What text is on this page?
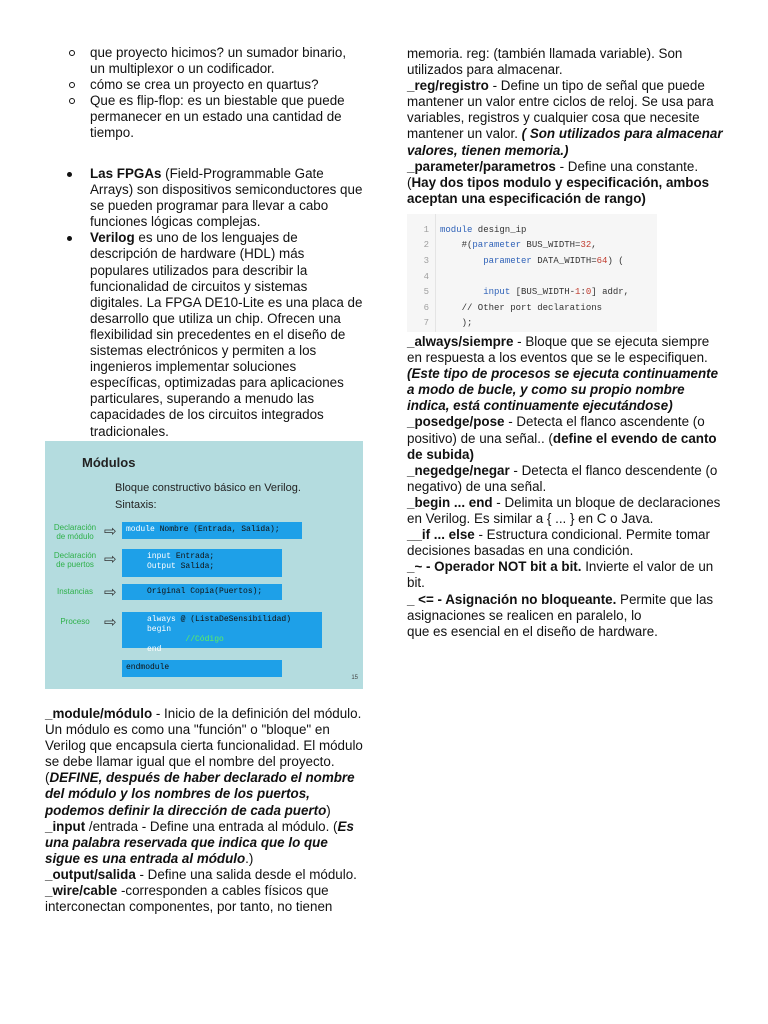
que proyecto hicimos? un sumador binario, un multiplexor o un codificador.
cómo se crea un proyecto en quartus?
Que es flip-flop: es un biestable que puede permanecer en un estado una cantidad de tiempo.
Las FPGAs (Field-Programmable Gate Arrays) son dispositivos semiconductores que se pueden programar para llevar a cabo funciones lógicas complejas.
Verilog es uno de los lenguajes de descripción de hardware (HDL) más populares utilizados para describir la funcionalidad de circuitos y sistemas digitales. La FPGA DE10-Lite es una placa de desarrollo que utiliza un chip. Ofrecen una flexibilidad sin precedentes en el diseño de sistemas electrónicos y permiten a los ingenieros implementar soluciones específicas, optimizadas para aplicaciones particulares, superando a menudo las capacidades de los circuitos integrados tradicionales.
Módulos
Bloque constructivo básico en Verilog.
Sintaxis:
Declaración de módulo ⇨	module Nombre (Entrada, Salida);
Declaración de puertos ⇨	input Entrada;
Output Salida;
Instancias ⇨	Original Copia(Puertos);
Proceso ⇨	always @ (ListaDeSensibilidad) begin
//Código
end
endmodule
15

_module/módulo - Inicio de la definición del módulo. Un módulo es como una "función" o "bloque" en Verilog que encapsula cierta funcionalidad. El módulo se debe llamar igual que el nombre del proyecto. (DEFINE, después de haber declarado el nombre del módulo y los nombres de los puertos, podemos definir la dirección de cada puerto)

_input /entrada - Define una entrada al módulo. (Es una palabra reservada que indica que lo que sigue es una entrada al módulo.)

_output/salida - Define una salida desde el módulo.

_wire/cable -corresponden a cables físicos que interconectan componentes, por tanto, no tienen

memoria. reg: (también llamada variable). Son utilizados para almacenar.

_reg/registro - Define un tipo de señal que puede mantener un valor entre ciclos de reloj. Se usa para variables, registros y cualquier cosa que necesite mantener un valor. ( Son utilizados para almacenar valores, tienen memoria.)

_parameter/parametros - Define una constante. (Hay dos tipos modulo y especificación, ambos aceptan una especificación de rango)

1
2
3
4
5
6
7
module design_ip
#(parameter BUS_WIDTH=32,
parameter DATA_WIDTH=64) (
input [BUS_WIDTH-1:0] addr,
// Other port declarations
);

_always/siempre - Bloque que se ejecuta siempre en respuesta a los eventos que se le especifiquen. (Este tipo de procesos se ejecuta continuamente a modo de bucle, y como su propio nombre indica, está continuamente ejecutándose)

_posedge/pose - Detecta el flanco ascendente (o positivo) de una señal.. (define el evendo de canto de subida)

_negedge/negar - Detecta el flanco descendente (o negativo) de una señal.

_begin ... end - Delimita un bloque de declaraciones en Verilog. Es similar a { ... } en C o Java.

__if ... else - Estructura condicional. Permite tomar decisiones basadas en una condición.

_~ - Operador NOT bit a bit. Invierte el valor de un bit.

_ <= - Asignación no bloqueante. Permite que las asignaciones se realicen en paralelo, lo

que es esencial en el diseño de hardware.
